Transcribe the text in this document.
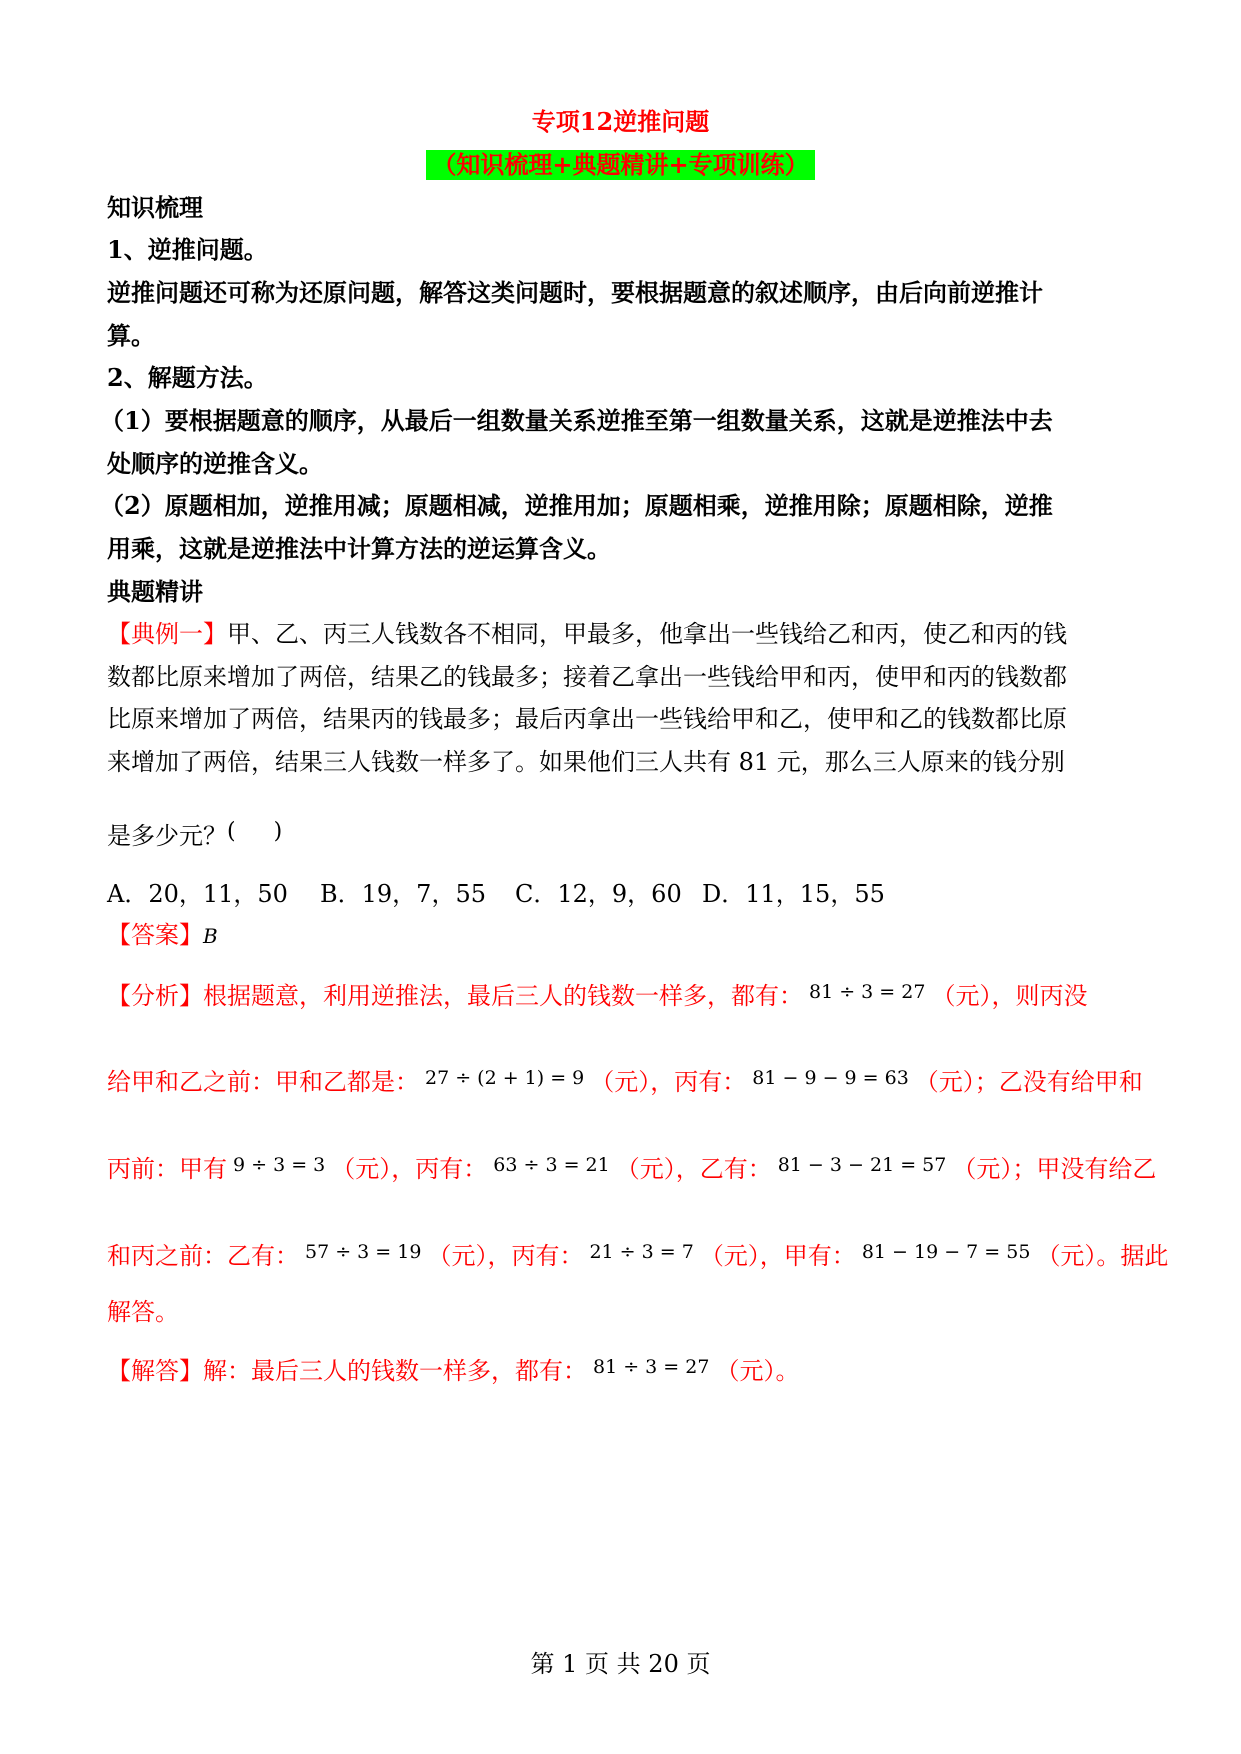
专项12逆推问题
（知识梳理+典题精讲+专项训练）
知识梳理
1、逆推问题。
逆推问题还可称为还原问题，解答这类问题时，要根据题意的叙述顺序，由后向前逆推计
算。
2、解题方法。
（1）要根据题意的顺序，从最后一组数量关系逆推至第一组数量关系，这就是逆推法中去
处顺序的逆推含义。
（2）原题相加，逆推用减；原题相减，逆推用加；原题相乘，逆推用除；原题相除，逆推
用乘，这就是逆推法中计算方法的逆运算含义。
典题精讲
【典例一】甲、乙、丙三人钱数各不相同，甲最多，他拿出一些钱给乙和丙，使乙和丙的钱
数都比原来增加了两倍，结果乙的钱最多；接着乙拿出一些钱给甲和丙，使甲和丙的钱数都
比原来增加了两倍，结果丙的钱最多；最后丙拿出一些钱给甲和乙，使甲和乙的钱数都比原
来增加了两倍，结果三人钱数一样多了。如果他们三人共有 81 元，那么三人原来的钱分别
是多少元？()
A．20，11，50 B．19，7，55 C．12，9，60 D．11，15，55
【答案】B
【分析】根据题意，利用逆推法，最后三人的钱数一样多，都有： $^{81 \div 3 = 27}$ （元），则丙没
给甲和乙之前：甲和乙都是： $^{27 \div (2 + 1) = 9}$ （元），丙有： $^{81 - 9 - 9 = 63}$ （元）；乙没有给甲和
丙前：甲有 $^{9 \div 3 = 3}$ （元），丙有： $^{63 \div 3 = 21}$ （元），乙有： $^{81 - 3 - 21 = 57}$ （元）；甲没有给乙
和丙之前：乙有： $^{57 \div 3 = 19}$ （元），丙有： $^{21 \div 3 = 7}$ （元），甲有： $^{81 - 19 - 7 = 55}$ （元）。据此
解答。
【解答】解：最后三人的钱数一样多，都有： $^{81 \div 3 = 27}$ （元）。
第 1 页 共 20 页
